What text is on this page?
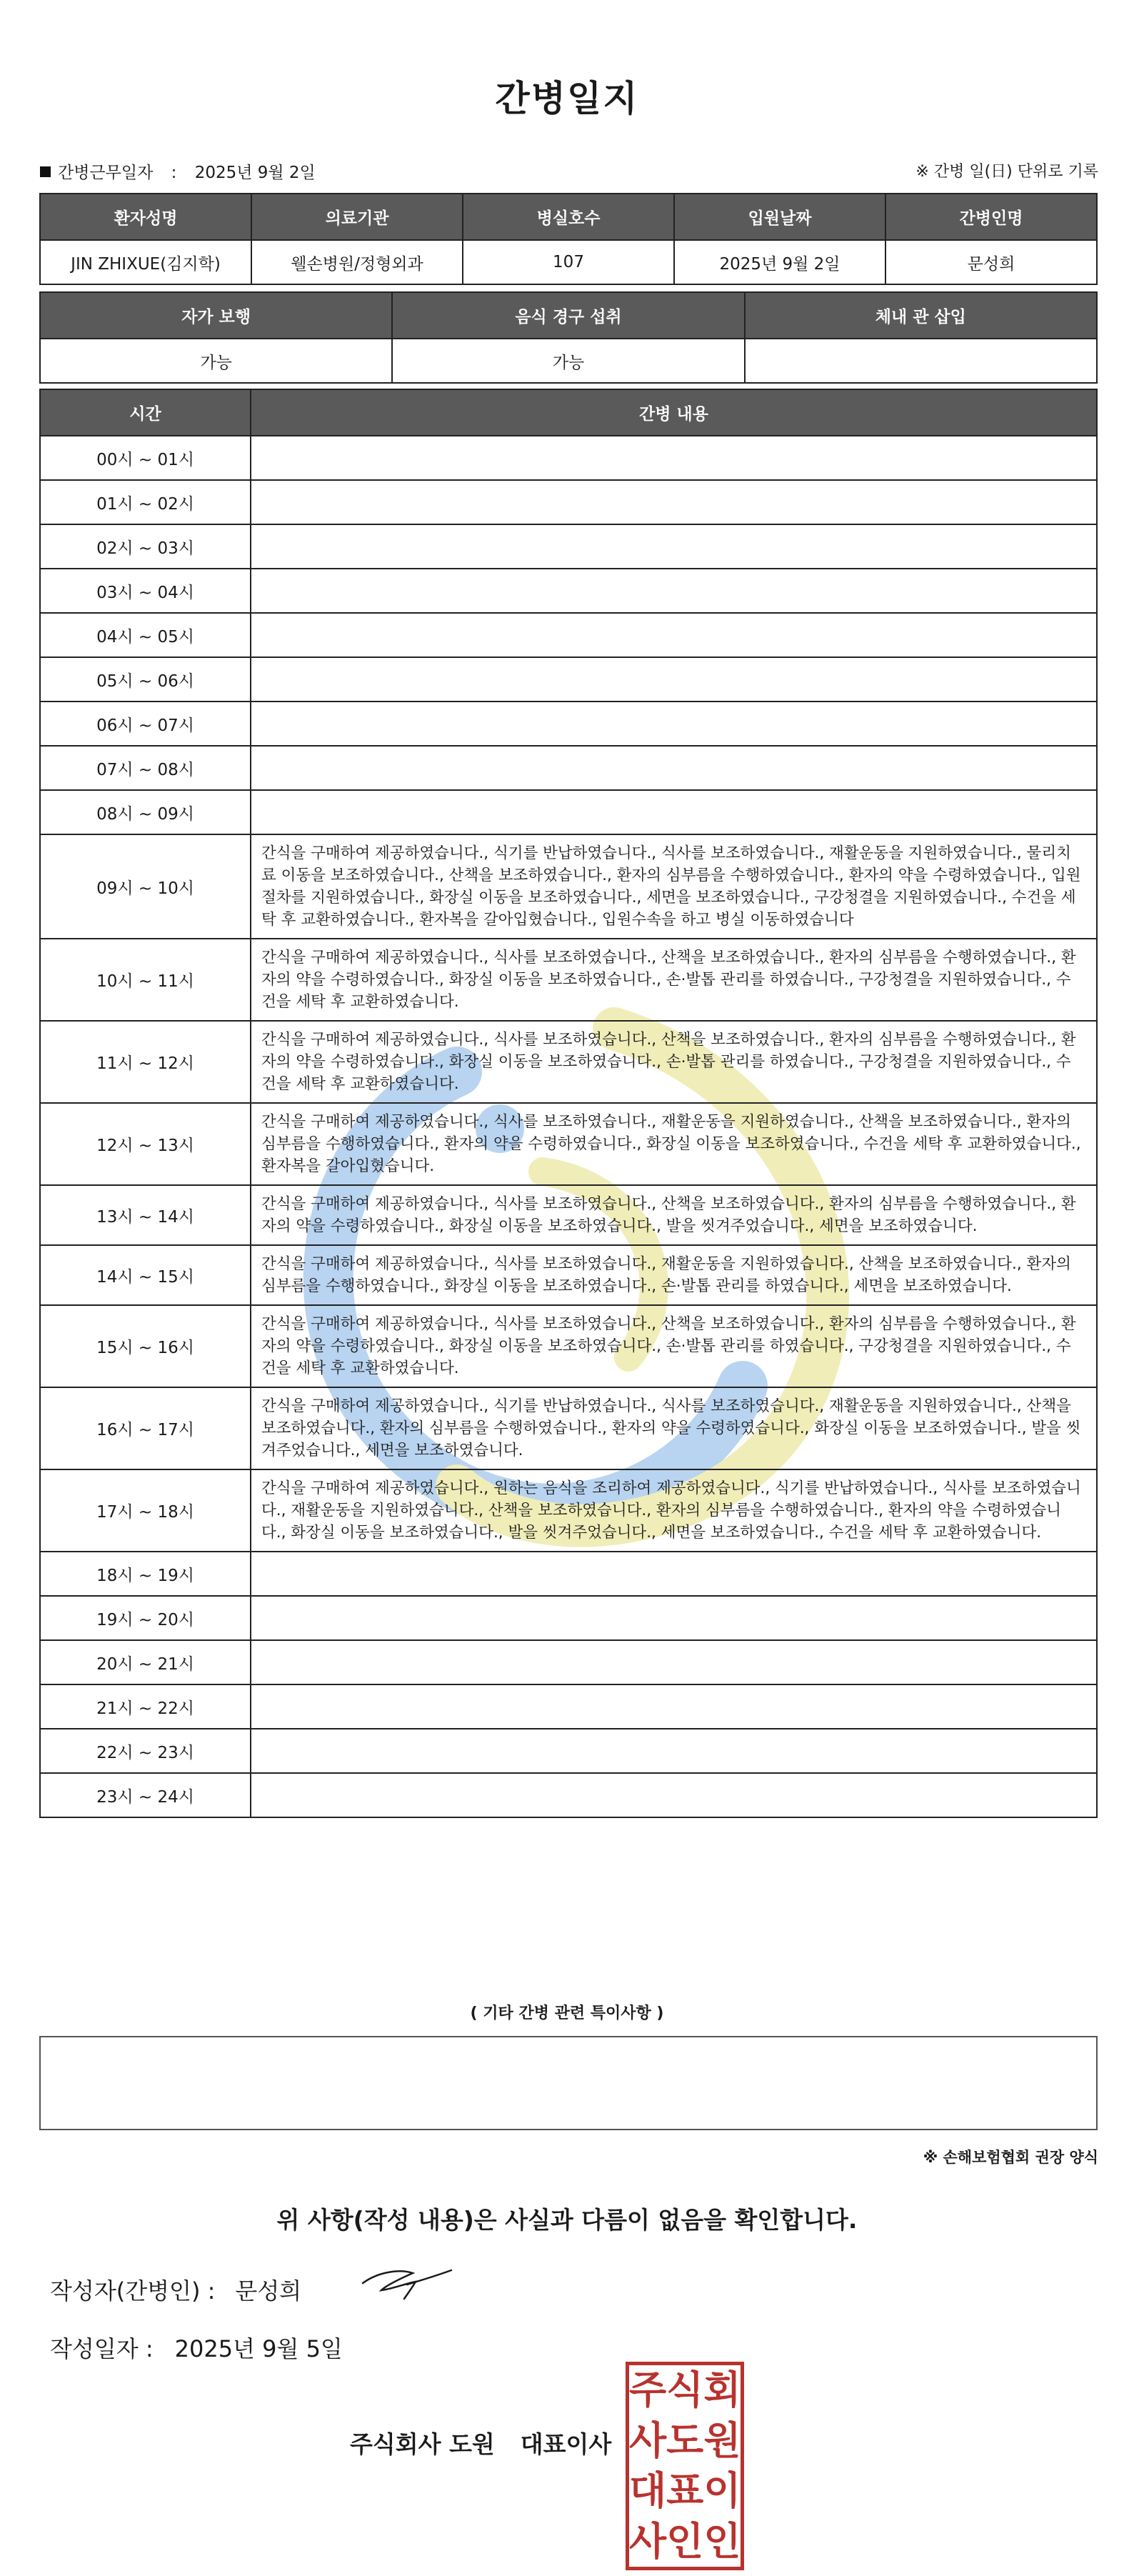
간병일지
간병근무일자 : 2025년 9월 2일	※ 간병 일(日) 단위로 기록
환자성명	의료기관	병실호수	입원날짜	간병인명
JIN ZHIXUE(김지학)	웰손병원/정형외과	107	2025년 9월 2일	문성희
자가 보행	음식 경구 섭취	체내 관 삽입
가능	가능	
시간	간병 내용
00시 ~ 01시	
01시 ~ 02시	
02시 ~ 03시	
03시 ~ 04시	
04시 ~ 05시	
05시 ~ 06시	
06시 ~ 07시	
07시 ~ 08시	
08시 ~ 09시	
09시 ~ 10시	간식을 구매하여 제공하였습니다., 식기를 반납하였습니다., 식사를 보조하였습니다., 재활운동을 지원하였습니다., 물리치료 이동을 보조하였습니다., 산책을 보조하였습니다., 환자의 심부름을 수행하였습니다., 환자의 약을 수령하였습니다., 입원절차를 지원하였습니다., 화장실 이동을 보조하였습니다., 세면을 보조하였습니다., 구강청결을 지원하였습니다., 수건을 세탁 후 교환하였습니다., 환자복을 갈아입혔습니다., 입원수속을 하고 병실 이동하였습니다
10시 ~ 11시	간식을 구매하여 제공하였습니다., 식사를 보조하였습니다., 산책을 보조하였습니다., 환자의 심부름을 수행하였습니다., 환자의 약을 수령하였습니다., 화장실 이동을 보조하였습니다., 손·발톱 관리를 하였습니다., 구강청결을 지원하였습니다., 수건을 세탁 후 교환하였습니다.
11시 ~ 12시	간식을 구매하여 제공하였습니다., 식사를 보조하였습니다., 산책을 보조하였습니다., 환자의 심부름을 수행하였습니다., 환자의 약을 수령하였습니다., 화장실 이동을 보조하였습니다., 손·발톱 관리를 하였습니다., 구강청결을 지원하였습니다., 수건을 세탁 후 교환하였습니다.
12시 ~ 13시	간식을 구매하여 제공하였습니다., 식사를 보조하였습니다., 재활운동을 지원하였습니다., 산책을 보조하였습니다., 환자의 심부름을 수행하였습니다., 환자의 약을 수령하였습니다., 화장실 이동을 보조하였습니다., 수건을 세탁 후 교환하였습니다., 환자복을 갈아입혔습니다.
13시 ~ 14시	간식을 구매하여 제공하였습니다., 식사를 보조하였습니다., 산책을 보조하였습니다., 환자의 심부름을 수행하였습니다., 환자의 약을 수령하였습니다., 화장실 이동을 보조하였습니다., 발을 씻겨주었습니다., 세면을 보조하였습니다.
14시 ~ 15시	간식을 구매하여 제공하였습니다., 식사를 보조하였습니다., 재활운동을 지원하였습니다., 산책을 보조하였습니다., 환자의 심부름을 수행하였습니다., 화장실 이동을 보조하였습니다., 손·발톱 관리를 하였습니다., 세면을 보조하였습니다.
15시 ~ 16시	간식을 구매하여 제공하였습니다., 식사를 보조하였습니다., 산책을 보조하였습니다., 환자의 심부름을 수행하였습니다., 환자의 약을 수령하였습니다., 화장실 이동을 보조하였습니다., 손·발톱 관리를 하였습니다., 구강청결을 지원하였습니다., 수건을 세탁 후 교환하였습니다.
16시 ~ 17시	간식을 구매하여 제공하였습니다., 식기를 반납하였습니다., 식사를 보조하였습니다., 재활운동을 지원하였습니다., 산책을 보조하였습니다., 환자의 심부름을 수행하였습니다., 환자의 약을 수령하였습니다., 화장실 이동을 보조하였습니다., 발을 씻겨주었습니다., 세면을 보조하였습니다.
17시 ~ 18시	간식을 구매하여 제공하였습니다., 원하는 음식을 조리하여 제공하였습니다., 식기를 반납하였습니다., 식사를 보조하였습니다., 재활운동을 지원하였습니다., 산책을 보조하였습니다., 환자의 심부름을 수행하였습니다., 환자의 약을 수령하였습니다., 화장실 이동을 보조하였습니다., 발을 씻겨주었습니다., 세면을 보조하였습니다., 수건을 세탁 후 교환하였습니다.
18시 ~ 19시	
19시 ~ 20시	
20시 ~ 21시	
21시 ~ 22시	
22시 ~ 23시	
23시 ~ 24시	
( 기타 간병 관련 특이사항 )
※ 손해보험협회 권장 양식
위 사항(작성 내용)은 사실과 다름이 없음을 확인합니다.
작성자(간병인) : 문성희
작성일자 : 2025년 9월 5일
주식회사 도원 대표이사
주 식 회
사 도 원
대 표 이
사 인 인
